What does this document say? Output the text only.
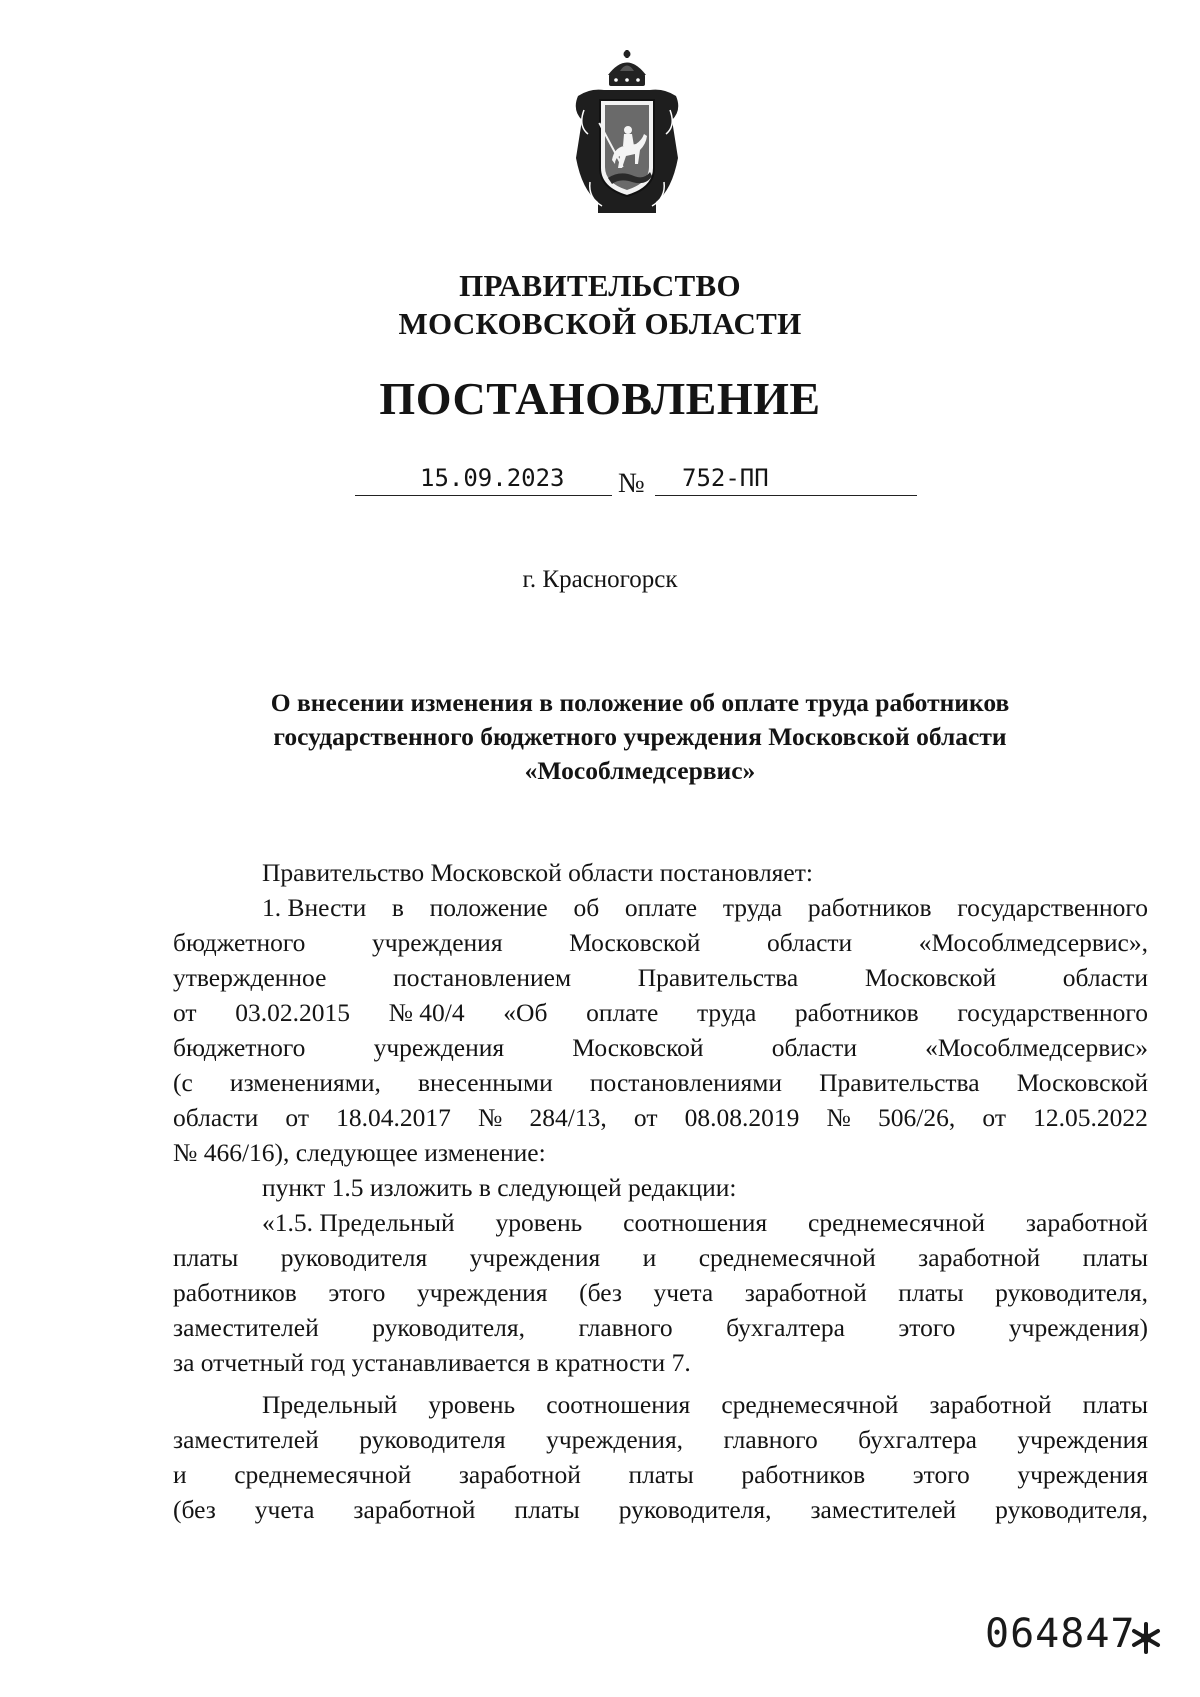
ПРАВИТЕЛЬСТВО
МОСКОВСКОЙ ОБЛАСТИ
ПОСТАНОВЛЕНИЕ
15.09.2023 № 752-ПП
г. Красногорск
О внесении изменения в положение об оплате труда работников
государственного бюджетного учреждения Московской области
«Мособлмедсервис»
Правительство Московской области постановляет:
1. Внести в положение об оплате труда работников государственного
бюджетного	учреждения	Московской	области	«Мособлмедсервис»,
утвержденное	постановлением	Правительства	Московской	области
от 03.02.2015 № 40/4 «Об оплате труда работников государственного
бюджетного	учреждения	Московской	области	«Мособлмедсервис»
(с изменениями, внесенными постановлениями Правительства Московской
области от 18.04.2017 № 284/13, от 08.08.2019 № 506/26, от 12.05.2022
№ 466/16), следующее изменение:
пункт 1.5 изложить в следующей редакции:
«1.5. Предельный уровень соотношения среднемесячной заработной
платы руководителя учреждения и среднемесячной заработной платы
работников этого учреждения (без учета заработной платы руководителя,
заместителей руководителя, главного бухгалтера этого учреждения)
за отчетный год устанавливается в кратности 7.
Предельный уровень соотношения среднемесячной заработной платы
заместителей руководителя учреждения, главного бухгалтера учреждения
и среднемесячной заработной платы работников этого учреждения
(без учета заработной платы руководителя, заместителей руководителя,
064847
